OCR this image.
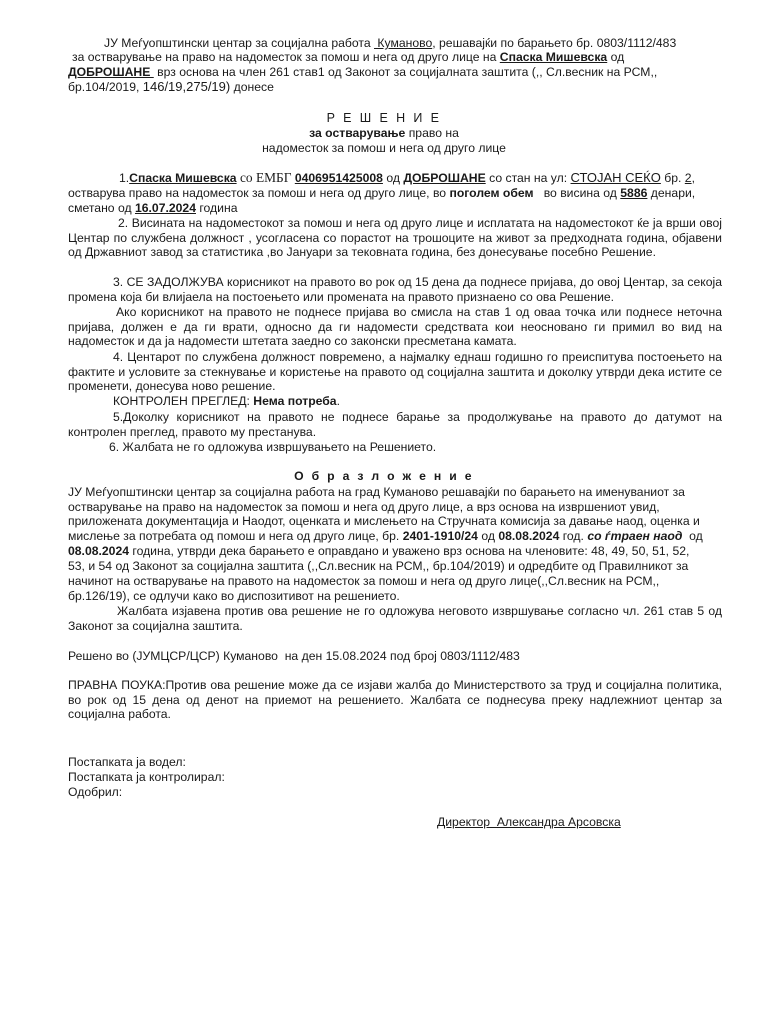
ЈУ Меѓуопштински центар за социјална работа  Куманово, решавајќи по барањето бр. 0803/1112/483
за остварување на право на надоместок за помош и нега од друго лице на Спаска Мишевска од
ДОБРОШАНЕ  врз основа на член 261 став1 од Законот за социјалната заштита (,, Сл.весник на РСМ,,
бр.104/2019, 146/19,275/19) донесе
Р Е Ш Е Н И Е
за остварување право на
надоместок за помош и нега од друго лице
1.Спаска Мишевска со ЕМБГ 0406951425008 од ДОБРОШАНЕ со стан на ул: СТОЈАН СЕЌО бр. 2,
остварува право на надоместок за помош и нега од друго лице, во поголем обем   во висина од 5886 денари,
сметано од 16.07.2024 година
2. Висината на надоместокот за помош и нега од друго лице и исплатата на надоместокот ќе ја врши овој Центар по службена должност , усогласена со порастот на трошоците на живот за предходната година, објавени од Државниот завод за статистика ,во Јануари за тековната година, без донесување посебно Решение.
3. СЕ ЗАДОЛЖУВА корисникот на правото во рок од 15 дена да поднесе пријава, до овој Центар, за секоја промена која би влијаела на постоењето или промената на правото признаено со ова Решение.
Ако корисникот на правото не поднесе пријава во смисла на став 1 од оваа точка или поднесе неточна пријава, должен е да ги врати, односно да ги надомести средствата кои неосновано ги примил во вид на надоместок и да ја надомести штетата заедно со законски пресметана камата.
4. Центарот по службена должност повремено, а најмалку еднаш годишно го преиспитува постоењето на фактите и условите за стекнување и користење на правото од социјална заштита и доколку утврди дека истите се променети, донесува ново решение.
КОНТРОЛЕН ПРЕГЛЕД: Нема потреба.
5.Доколку корисникот на правото не поднесе барање за продолжување на правото до датумот на контролен преглед, правото му престанува.
6. Жалбата не го одложува извршувањето на Решението.
О б р а з л о ж е н и е
ЈУ Меѓуопштински центар за социјална работа на град Куманово решавајќи по барањето на именуваниот за
остварување на право на надоместок за помош и нега од друго лице, а врз основа на извршениот увид,
приложената документација и Наодот, оценката и мислењето на Стручната комисија за давање наод, оценка и
мислење за потребата од помош и нега од друго лице, бр. 2401-1910/24 од 08.08.2024 год. со ѓтраен наод  од
08.08.2024 година, утврди дека барањето е оправдано и уважено врз основа на членовите: 48, 49, 50, 51, 52,
53, и 54 од Законот за социјална заштита (,,Сл.весник на РСМ,, бр.104/2019) и одредбите од Правилникот за
начинот на остварување на правото на надоместок за помош и нега од друго лице(,,Сл.весник на РСМ,,
бр.126/19), се одлучи како во диспозитивот на решението.
Жалбата изјавена против ова решение не го одложува неговото извршување согласно чл. 261 став 5 од Законот за социјална заштита.
Решено во (ЈУМЦСР/ЦСР) Куманово  на ден 15.08.2024 под број 0803/1112/483
ПРАВНА ПОУКА:Против ова решение може да се изјави жалба до Министерството за труд и социјална политика, во рок од 15 дена од денот на приемот на решението. Жалбата се поднесува преку надлежниот центар за социјална работа.
Постапката ја водел:
Постапката ја контролирал:
Одобрил:
Директор  Александра Арсовска
